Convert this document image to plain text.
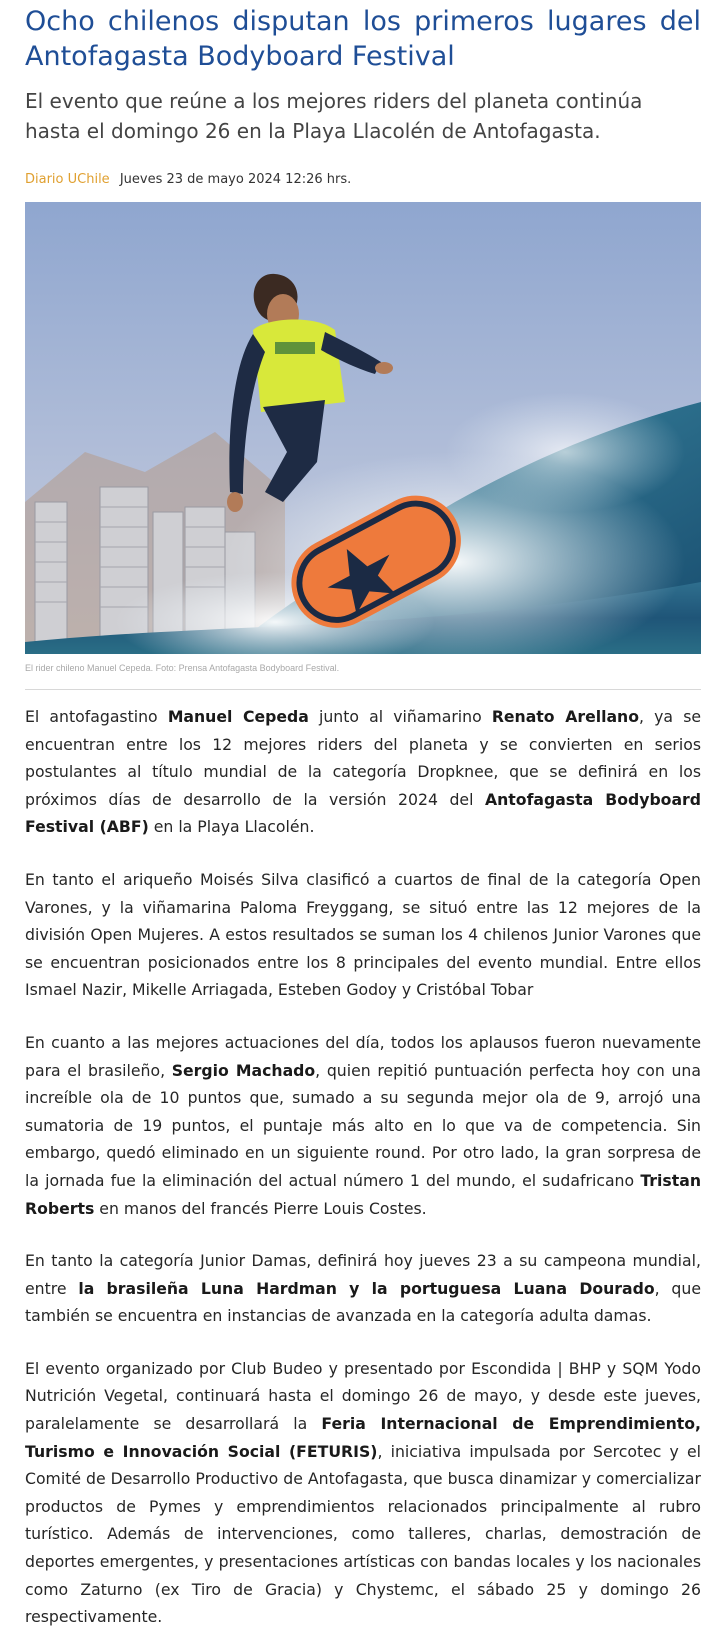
Ocho chilenos disputan los primeros lugares del Antofagasta Bodyboard Festival

El evento que reúne a los mejores riders del planeta continúa hasta el domingo 26 en la Playa Llacolén de Antofagasta.

Diario UChile Jueves 23 de mayo 2024 12:26 hrs.
El rider chileno Manuel Cepeda. Foto: Prensa Antofagasta Bodyboard Festival.

El antofagastino Manuel Cepeda junto al viñamarino Renato Arellano, ya se encuentran entre los 12 mejores riders del planeta y se convierten en serios postulantes al título mundial de la categoría Dropknee, que se definirá en los próximos días de desarrollo de la versión 2024 del Antofagasta Bodyboard Festival (ABF) en la Playa Llacolén.

En tanto el ariqueño Moisés Silva clasificó a cuartos de final de la categoría Open Varones, y la viñamarina Paloma Freyggang, se situó entre las 12 mejores de la división Open Mujeres. A estos resultados se suman los 4 chilenos Junior Varones que se encuentran posicionados entre los 8 principales del evento mundial. Entre ellos Ismael Nazir, Mikelle Arriagada, Esteben Godoy y Cristóbal Tobar

En cuanto a las mejores actuaciones del día, todos los aplausos fueron nuevamente para el brasileño, Sergio Machado, quien repitió puntuación perfecta hoy con una increíble ola de 10 puntos que, sumado a su segunda mejor ola de 9, arrojó una sumatoria de 19 puntos, el puntaje más alto en lo que va de competencia. Sin embargo, quedó eliminado en un siguiente round. Por otro lado, la gran sorpresa de la jornada fue la eliminación del actual número 1 del mundo, el sudafricano Tristan Roberts en manos del francés Pierre Louis Costes.

En tanto la categoría Junior Damas, definirá hoy jueves 23 a su campeona mundial, entre la brasileña Luna Hardman y la portuguesa Luana Dourado, que también se encuentra en instancias de avanzada en la categoría adulta damas.

El evento organizado por Club Budeo y presentado por Escondida | BHP y SQM Yodo Nutrición Vegetal, continuará hasta el domingo 26 de mayo, y desde este jueves, paralelamente se desarrollará la Feria Internacional de Emprendimiento, Turismo e Innovación Social (FETURIS), iniciativa impulsada por Sercotec y el Comité de Desarrollo Productivo de Antofagasta, que busca dinamizar y comercializar productos de Pymes y emprendimientos relacionados principalmente al rubro turístico. Además de intervenciones, como talleres, charlas, demostración de deportes emergentes, y presentaciones artísticas con bandas locales y los nacionales como Zaturno (ex Tiro de Gracia) y Chystemc, el sábado 25 y domingo 26 respectivamente.
